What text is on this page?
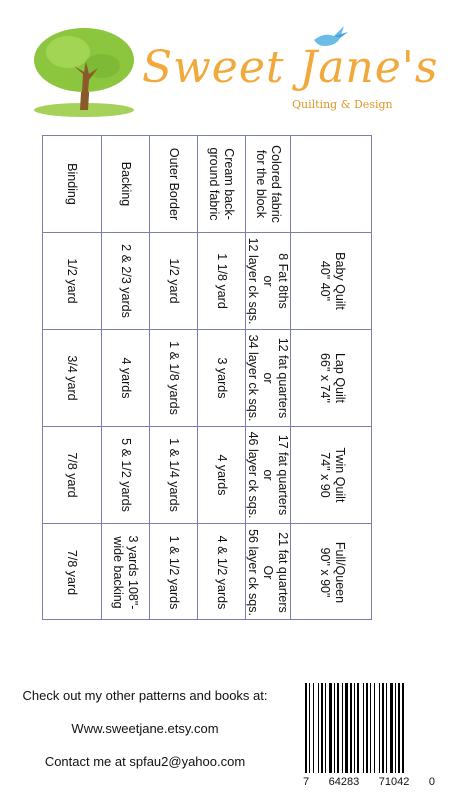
Sweet Jane's
Quilting & Design
Baby Quilt
40" 40"
Lap Quilt
66" x 74"
Twin Quilt
74" x 90
Full/Queen
90" x 90"
Colored fabric
for the block
8 Fat 8ths
or
12 layer ck sqs.
12 fat quarters
or
34 layer ck sqs.
17 fat quarters
or
46 layer ck sqs.
21 fat quarters
Or
56 layer ck sqs.
Cream back-
ground fabric
1 1/8 yard
3 yards
4 yards
4 & 1/2 yards
Outer Border
1/2 yard
1 & 1/8 yards
1 & 1/4 yards
1 & 1/2 yards
Backing
2 & 2/3 yards
4 yards
5 & 1/2 yards
3 yards 108"-
wide backing
Binding
1/2 yard
3/4 yard
7/8 yard
7/8 yard
Check out my other patterns and books at:
Www.sweetjane.etsy.com
Contact me at spfau2@yahoo.com
7 64283 71042 0
